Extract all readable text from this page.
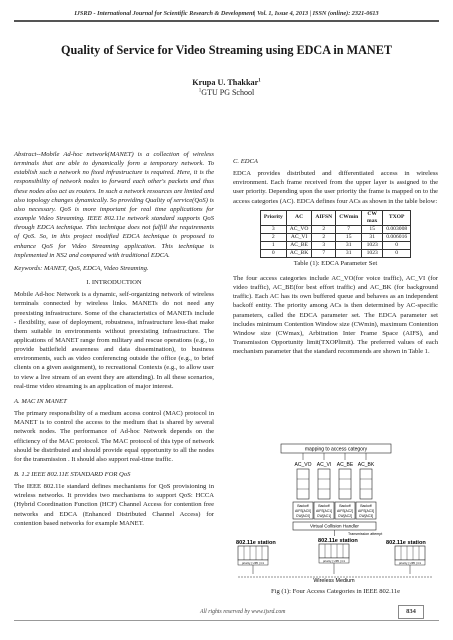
IJSRD - International Journal for Scientific Research & Development| Vol. 1, Issue 4, 2013 | ISSN (online): 2321-0613
Quality of Service for Video Streaming using EDCA in MANET
Krupa U. Thakkar$^1$
$^1$GTU PG School

Abstract--Mobile Ad-hoc network(MANET) is a collection of wireless terminals that are able to dynamically form a temporary network. To establish such a network no fixed infrastructure is required. Here, it is the responsibility of network nodes to forward each other's packets and thus these nodes also act as routers. In such a network resources are limited and also topology changes dynamically. So providing Quality of service(QoS) is also necessary. QoS is more important for real time applications for example Video Streaming. IEEE 802.11e network standard supports QoS through EDCA technique. This technique does not fulfill the requirements of QoS. So, in this project modified EDCA technique is proposed to enhance QoS for Video Streaming application. This technique is implemented in NS2 and compared with traditional EDCA.

Keywords: MANET, QoS, EDCA, Video Streaming.

I. INTRODUCTION

Mobile Ad-hoc Network is a dynamic, self-organizing network of wireless terminals connected by wireless links. MANETs do not need any preexisting infrastructure. Some of the characteristics of MANETs include - flexibility, ease of deployment, robustness, infrastructure less-that make them suitable in environments without preexisting infrastructure. The applications of MANET range from military and rescue operations (e.g., to provide battlefield awareness and data dissemination), to business environments, such as video conferencing outside the office (e.g., to brief clients on a given assignment), to recreational Contexts (e.g., to allow user to view a live stream of an event they are attending). In all these scenarios, real-time video streaming is an application of major interest.

A. MAC IN MANET

The primary responsibility of a medium access control (MAC) protocol in MANET is to control the access to the medium that is shared by several network nodes. The performance of Ad-hoc Network depends on the efficiency of the MAC protocol. The MAC protocol of this type of network should be distributed and should provide equal opportunity to all the nodes for the transmission . It should also support real-time traffic.

B. 1.2 IEEE 802.11E STANDARD FOR QoS

The IEEE 802.11e standard defines mechanisms for QoS provisioning in wireless networks. It provides two mechanisms to support QoS: HCCA (Hybrid Coordination Function (HCF) Channel Access for contention free networks and EDCA (Enhanced Distributed Channel Access) for contention based networks for example MANET.

C. EDCA

EDCA provides distributed and differentiated access in wireless environment. Each frame received from the upper layer is assigned to the user priority. Depending upon the user priority the frame is mapped on to the access categories (AC). EDCA defines four ACs as shown in the table below:

Priority	AC	AIFSN	CWmin	CW max	TXOP
3	AC_VO	2	7	15	0.003008
2	AC_VI	2	15	31	0.006016
1	AC_BE	3	31	1023	0
0	AC_BK	7	31	1023	0
Table (1): EDCA Parameter Set

The four access categories include AC_VO(for voice traffic), AC_VI (for video traffic), AC_BE(for best effort traffic) and AC_BK (for background traffic). Each AC has its own buffered queue and behaves as an independent backoff entity. The priority among ACs is then determined by AC-specific parameters, called the EDCA parameter set. The EDCA parameter set includes minimum Contention Window size (CWmin), maximum Contention Window size (CWmax), Arbitration Inter Frame Space (AIFS), and Transmission Opportunity limit(TXOPlimit). The preferred values of each mechanism parameter that the standard recommends are shown in Table 1.

mapping to access category
AC_VO AC_VI AC_BE AC_BK
Backoff
AIFS[AC0]
CW[AC0]
Backoff
AIFS[AC1]
CW[AC1]
Backoff
AIFS[AC2]
CW[AC2]
Backoff
AIFS[AC3]
CW[AC3]
Virtual Collision Handler
Transmission attempt
802.11e station
priority | UP0 | C1
802.11e station
priority | UP0 | C1
802.11e station
priority | UP0 | C1
Wireless Medium
Fig (1): Four Access Categories in IEEE 802.11e
All rights reserved by www.ijsrd.com	834
